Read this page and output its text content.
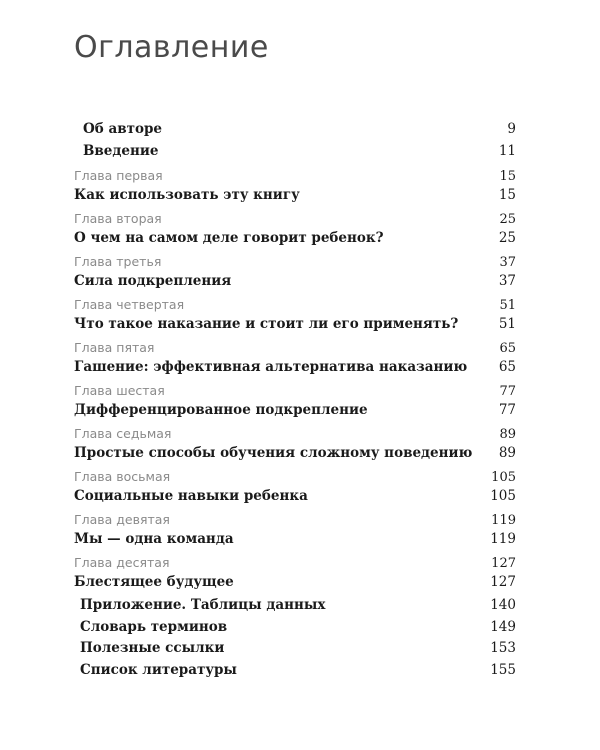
Оглавление
Об авторе	9
Введение	11
Глава первая	15
Как использовать эту книгу	15
Глава вторая	25
О чем на самом деле говорит ребенок?	25
Глава третья	37
Сила подкрепления	37
Глава четвертая	51
Что такое наказание и стоит ли его применять?	51
Глава пятая	65
Гашение: эффективная альтернатива наказанию 65
Глава шестая	77
Дифференцированное подкрепление	77
Глава седьмая	89
Простые способы обучения сложному поведению 89
Глава восьмая	105
Социальные навыки ребенка	105
Глава девятая	119
Мы — одна команда	119
Глава десятая	127
Блестящее будущее	127
Приложение. Таблицы данных	140
Словарь терминов	149
Полезные ссылки	153
Список литературы	155
